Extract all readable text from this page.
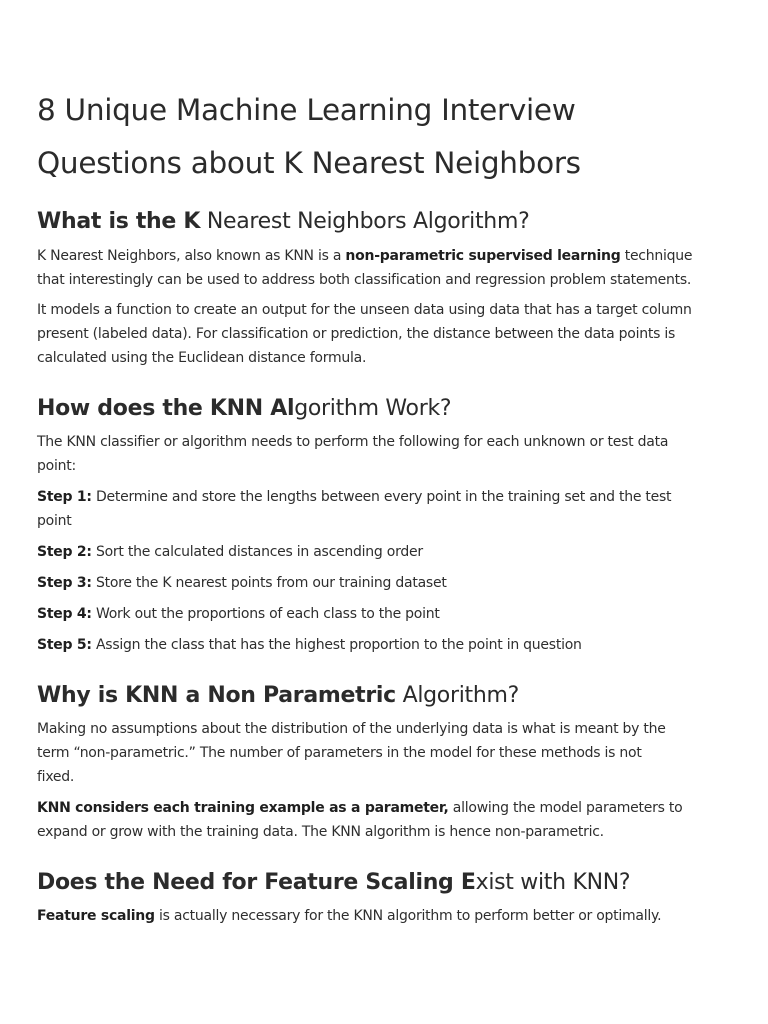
8 Unique Machine Learning Interview
Questions about K Nearest Neighbors
What is the K Nearest Neighbors Algorithm?

K Nearest Neighbors, also known as KNN is a non-parametric supervised learning technique
that interestingly can be used to address both classification and regression problem statements.

It models a function to create an output for the unseen data using data that has a target column
present (labeled data). For classification or prediction, the distance between the data points is
calculated using the Euclidean distance formula.

How does the KNN Algorithm Work?

The KNN classifier or algorithm needs to perform the following for each unknown or test data
point:

Step 1: Determine and store the lengths between every point in the training set and the test
point

Step 2: Sort the calculated distances in ascending order

Step 3: Store the K nearest points from our training dataset

Step 4: Work out the proportions of each class to the point

Step 5: Assign the class that has the highest proportion to the point in question

Why is KNN a Non Parametric Algorithm?

Making no assumptions about the distribution of the underlying data is what is meant by the
term “non-parametric.” The number of parameters in the model for these methods is not
fixed.

KNN considers each training example as a parameter, allowing the model parameters to
expand or grow with the training data. The KNN algorithm is hence non-parametric.

Does the Need for Feature Scaling Exist with KNN?

Feature scaling is actually necessary for the KNN algorithm to perform better or optimally.
